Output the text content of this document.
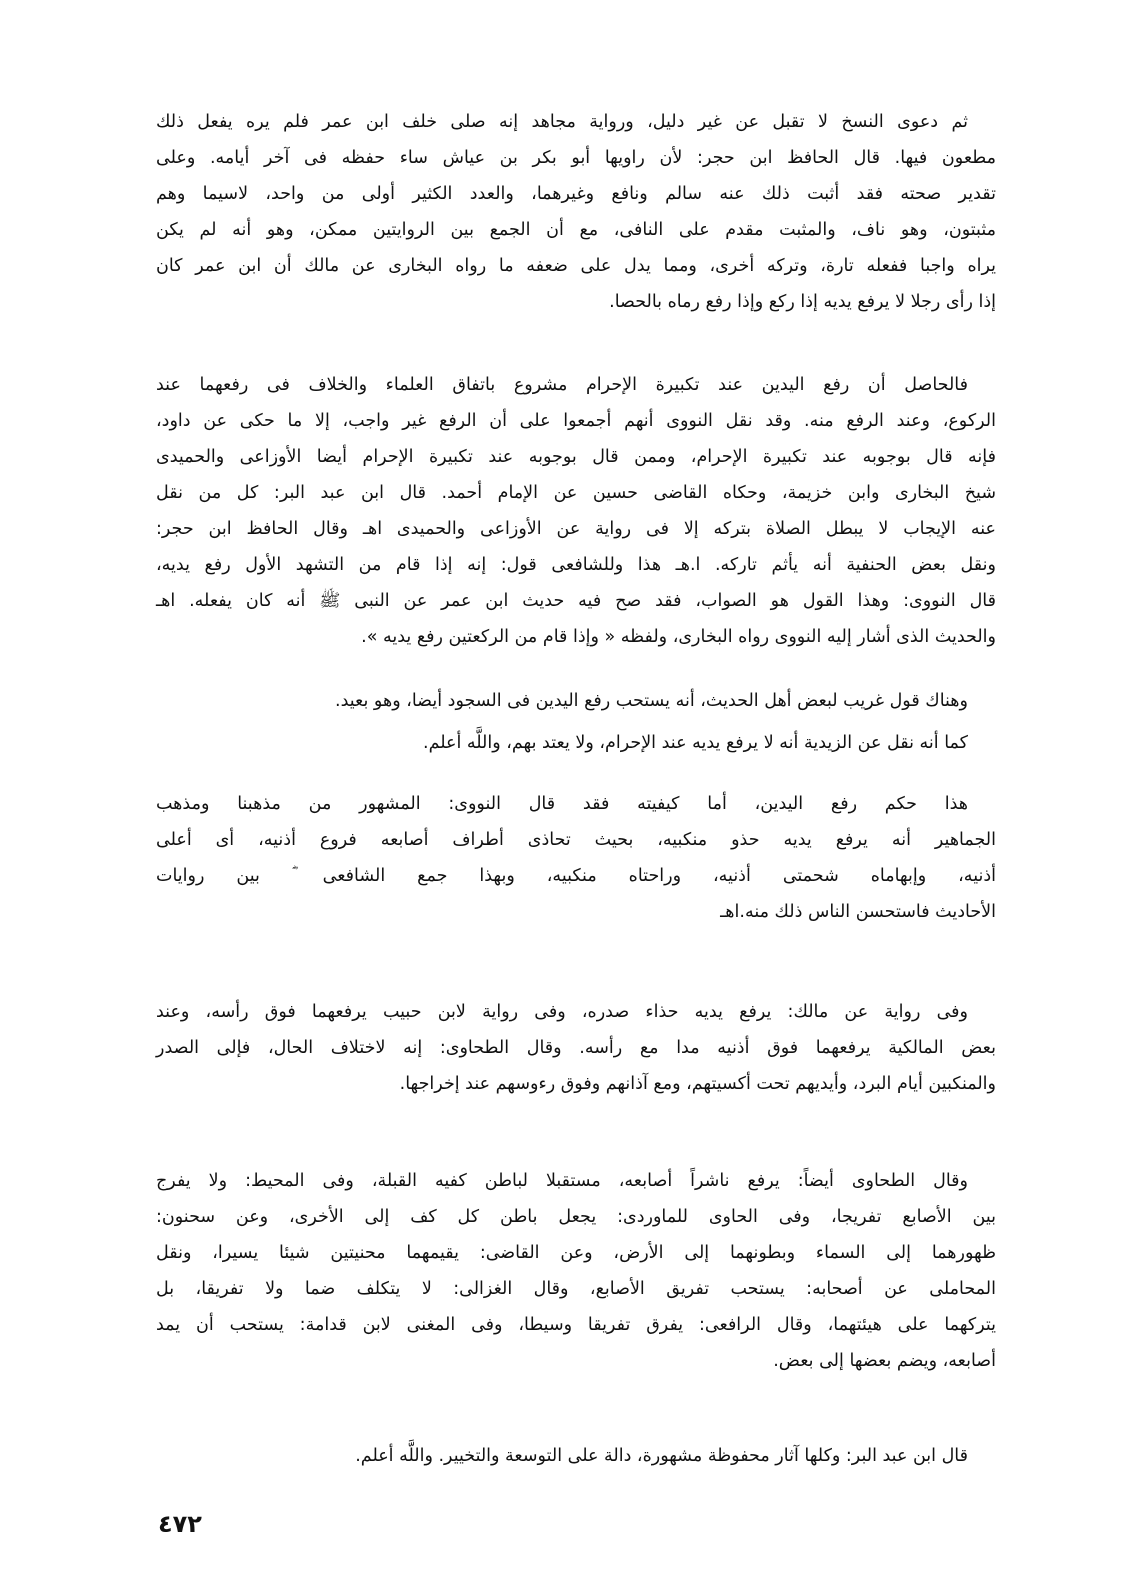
ثم دعوى النسخ لا تقبل عن غير دليل، ورواية مجاهد إنه صلى خلف ابن عمر فلم يره يفعل ذلك
مطعون فيها. قال الحافظ ابن حجر: لأن راويها أبو بكر بن عياش ساء حفظه فى آخر أيامه. وعلى
تقدير صحته فقد أثبت ذلك عنه سالم ونافع وغيرهما، والعدد الكثير أولى من واحد، لاسيما وهم
مثبتون، وهو ناف، والمثبت مقدم على النافى، مع أن الجمع بين الروايتين ممكن، وهو أنه لم يكن
يراه واجبا ففعله تارة، وتركه أخرى، ومما يدل على ضعفه ما رواه البخارى عن مالك أن ابن عمر كان
إذا رأى رجلا لا يرفع يديه إذا ركع وإذا رفع رماه بالحصا.
فالحاصل أن رفع اليدين عند تكبيرة الإحرام مشروع باتفاق العلماء والخلاف فى رفعهما عند
الركوع، وعند الرفع منه. وقد نقل النووى أنهم أجمعوا على أن الرفع غير واجب، إلا ما حكى عن داود،
فإنه قال بوجوبه عند تكبيرة الإحرام، وممن قال بوجوبه عند تكبيرة الإحرام أيضا الأوزاعى والحميدى
شيخ البخارى وابن خزيمة، وحكاه القاضى حسين عن الإمام أحمد. قال ابن عبد البر: كل من نقل
عنه الإيجاب لا يبطل الصلاة بتركه إلا فى رواية عن الأوزاعى والحميدى اهـ وقال الحافظ ابن حجر:
ونقل بعض الحنفية أنه يأثم تاركه. ا.هـ هذا وللشافعى قول: إنه إذا قام من التشهد الأول رفع يديه،
قال النووى: وهذا القول هو الصواب، فقد صح فيه حديث ابن عمر عن النبى ﷺ أنه كان يفعله. اهـ
والحديث الذى أشار إليه النووى رواه البخارى، ولفظه « وإذا قام من الركعتين رفع يديه ».
وهناك قول غريب لبعض أهل الحديث، أنه يستحب رفع اليدين فى السجود أيضا، وهو بعيد.
كما أنه نقل عن الزيدية أنه لا يرفع يديه عند الإحرام، ولا يعتد بهم، واللَّه أعلم.
هذا حكم رفع اليدين، أما كيفيته فقد قال النووى: المشهور من مذهبنا ومذهب
الجماهير أنه يرفع يديه حذو منكبيه، بحيث تحاذى أطراف أصابعه فروع أذنيه، أى أعلى
أذنيه، وإبهاماه شحمتى أذنيه، وراحتاه منكبيه، وبهذا جمع الشافعى ؓ بين روايات
الأحاديث فاستحسن الناس ذلك منه.اهـ
وفى رواية عن مالك: يرفع يديه حذاء صدره، وفى رواية لابن حبيب يرفعهما فوق رأسه، وعند
بعض المالكية يرفعهما فوق أذنيه مدا مع رأسه. وقال الطحاوى: إنه لاختلاف الحال، فإلى الصدر
والمنكبين أيام البرد، وأيديهم تحت أكسيتهم، ومع آذانهم وفوق رءوسهم عند إخراجها.
وقال الطحاوى أيضاً: يرفع ناشراً أصابعه، مستقبلا لباطن كفيه القبلة، وفى المحيط: ولا يفرج
بين الأصابع تفريجا، وفى الحاوى للماوردى: يجعل باطن كل كف إلى الأخرى، وعن سحنون:
ظهورهما إلى السماء وبطونهما إلى الأرض، وعن القاضى: يقيمهما محنيتين شيئا يسيرا، ونقل
المحاملى عن أصحابه: يستحب تفريق الأصابع، وقال الغزالى: لا يتكلف ضما ولا تفريقا، بل
يتركهما على هيئتهما، وقال الرافعى: يفرق تفريقا وسيطا، وفى المغنى لابن قدامة: يستحب أن يمد
أصابعه، ويضم بعضها إلى بعض.
قال ابن عبد البر: وكلها آثار محفوظة مشهورة، دالة على التوسعة والتخيير. واللَّه أعلم.
٤٧٢
